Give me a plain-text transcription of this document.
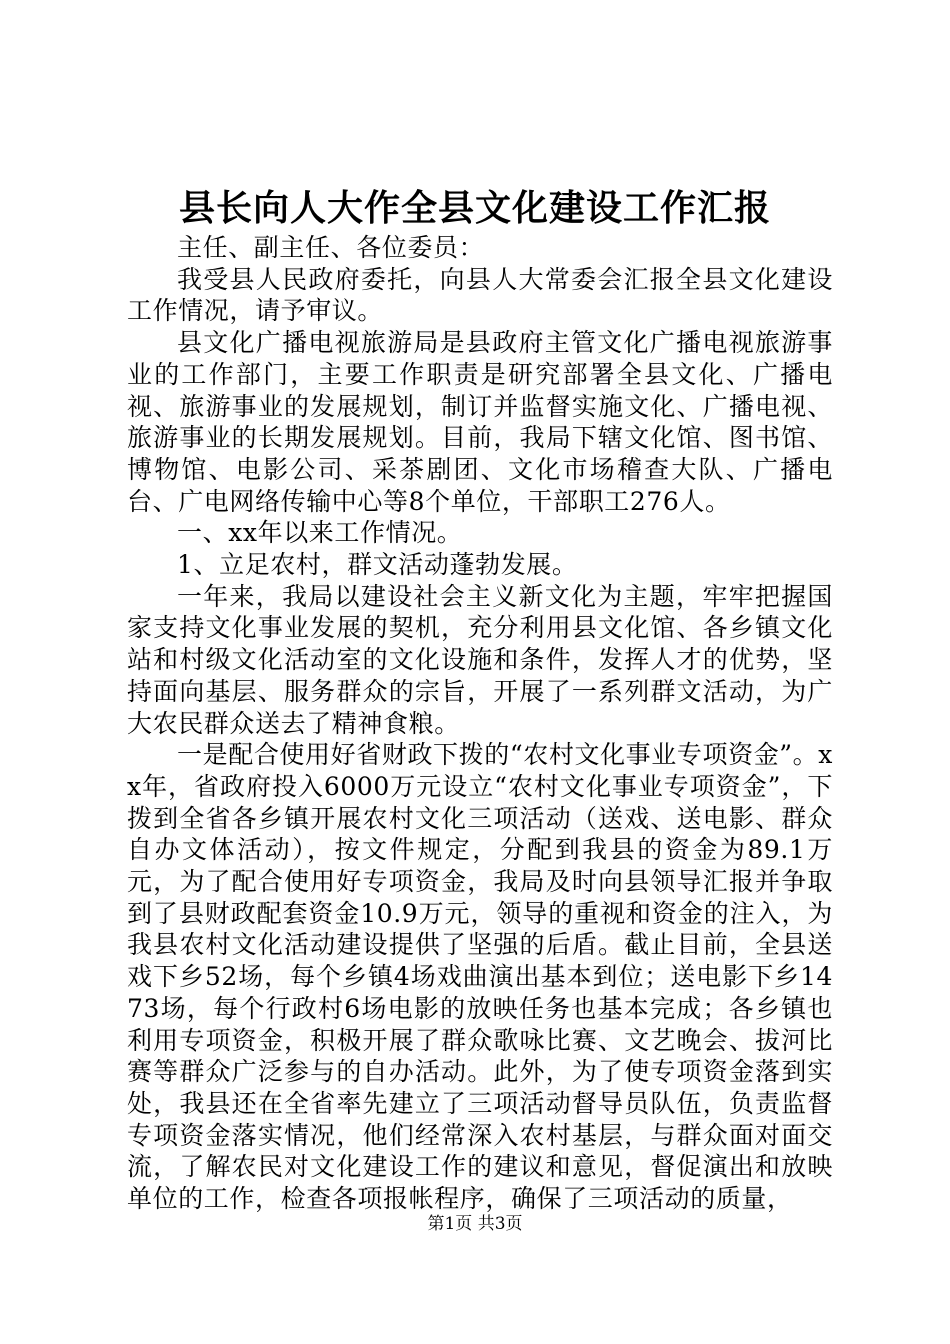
县长向人大作全县文化建设工作汇报

主任、副主任、各位委员：

我受县人民政府委托，向县人大常委会汇报全县文化建设工作情况，请予审议。

县文化广播电视旅游局是县政府主管文化广播电视旅游事业的工作部门，主要工作职责是研究部署全县文化、广播电视、旅游事业的发展规划，制订并监督实施文化、广播电视、旅游事业的长期发展规划。目前，我局下辖文化馆、图书馆、博物馆、电影公司、采茶剧团、文化市场稽查大队、广播电台、广电网络传输中心等8个单位，干部职工276人。

一、xx年以来工作情况。

1、立足农村，群文活动蓬勃发展。

一年来，我局以建设社会主义新文化为主题，牢牢把握国家支持文化事业发展的契机，充分利用县文化馆、各乡镇文化站和村级文化活动室的文化设施和条件，发挥人才的优势，坚持面向基层、服务群众的宗旨，开展了一系列群文活动，为广大农民群众送去了精神食粮。

一是配合使用好省财政下拨的“农村文化事业专项资金”。xx年，省政府投入6000万元设立“农村文化事业专项资金”，下拨到全省各乡镇开展农村文化三项活动（送戏、送电影、群众自办文体活动），按文件规定，分配到我县的资金为89.1万元，为了配合使用好专项资金，我局及时向县领导汇报并争取到了县财政配套资金10.9万元，领导的重视和资金的注入，为我县农村文化活动建设提供了坚强的后盾。截止目前，全县送戏下乡52场，每个乡镇4场戏曲演出基本到位；送电影下乡1473场，每个行政村6场电影的放映任务也基本完成；各乡镇也利用专项资金，积极开展了群众歌咏比赛、文艺晚会、拔河比赛等群众广泛参与的自办活动。此外，为了使专项资金落到实处，我县还在全省率先建立了三项活动督导员队伍，负责监督专项资金落实情况，他们经常深入农村基层，与群众面对面交流，了解农民对文化建设工作的建议和意见，督促演出和放映单位的工作，检查各项报帐程序，确保了三项活动的质量，

第1页 共3页
